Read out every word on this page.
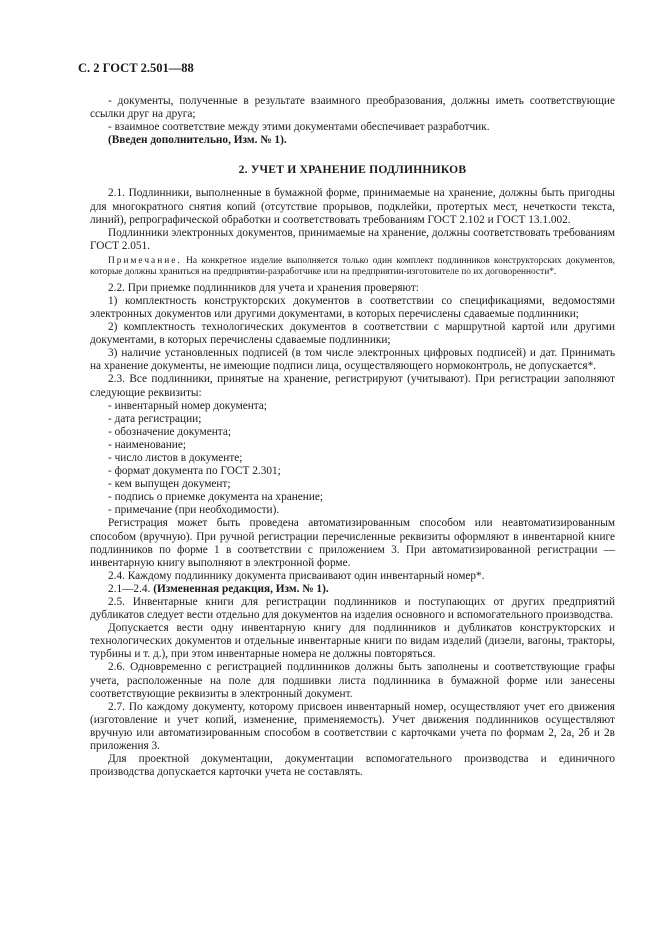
С. 2 ГОСТ 2.501—88

- документы, полученные в результате взаимного преобразования, должны иметь соответствующие ссылки друг на друга;

- взаимное соответствие между этими документами обеспечивает разработчик.

(Введен дополнительно, Изм. № 1).

2. УЧЕТ И ХРАНЕНИЕ ПОДЛИННИКОВ

2.1. Подлинники, выполненные в бумажной форме, принимаемые на хранение, должны быть пригодны для многократного снятия копий (отсутствие прорывов, подклейки, протертых мест, нечеткости текста, линий), репрографической обработки и соответствовать требованиям ГОСТ 2.102 и ГОСТ 13.1.002.

Подлинники электронных документов, принимаемые на хранение, должны соответствовать требованиям ГОСТ 2.051.

Примечание. На конкретное изделие выполняется только один комплект подлинников конструкторских документов, которые должны храниться на предприятии-разработчике или на предприятии-изготовителе по их договоренности*.

2.2. При приемке подлинников для учета и хранения проверяют:

1) комплектность конструкторских документов в соответствии со спецификациями, ведомостями электронных документов или другими документами, в которых перечислены сдаваемые подлинники;

2) комплектность технологических документов в соответствии с маршрутной картой или другими документами, в которых перечислены сдаваемые подлинники;

3) наличие установленных подписей (в том числе электронных цифровых подписей) и дат. Принимать на хранение документы, не имеющие подписи лица, осуществляющего нормоконтроль, не допускается*.

2.3. Все подлинники, принятые на хранение, регистрируют (учитывают). При регистрации заполняют следующие реквизиты:

- инвентарный номер документа;

- дата регистрации;

- обозначение документа;

- наименование;

- число листов в документе;

- формат документа по ГОСТ 2.301;

- кем выпущен документ;

- подпись о приемке документа на хранение;

- примечание (при необходимости).

Регистрация может быть проведена автоматизированным способом или неавтоматизированным способом (вручную). При ручной регистрации перечисленные реквизиты оформляют в инвентарной книге подлинников по форме 1 в соответствии с приложением 3. При автоматизированной регистрации — инвентарную книгу выполняют в электронной форме.

2.4. Каждому подлиннику документа присваивают один инвентарный номер*.

2.1—2.4. (Измененная редакция, Изм. № 1).

2.5. Инвентарные книги для регистрации подлинников и поступающих от других предприятий дубликатов следует вести отдельно для документов на изделия основного и вспомогательного производства.

Допускается вести одну инвентарную книгу для подлинников и дубликатов конструкторских и технологических документов и отдельные инвентарные книги по видам изделий (дизели, вагоны, тракторы, турбины и т. д.), при этом инвентарные номера не должны повторяться.

2.6. Одновременно с регистрацией подлинников должны быть заполнены и соответствующие графы учета, расположенные на поле для подшивки листа подлинника в бумажной форме или занесены соответствующие реквизиты в электронный документ.

2.7. По каждому документу, которому присвоен инвентарный номер, осуществляют учет его движения (изготовление и учет копий, изменение, применяемость). Учет движения подлинников осуществляют вручную или автоматизированным способом в соответствии с карточками учета по формам 2, 2а, 2б и 2в приложения 3.

Для проектной документации, документации вспомогательного производства и единичного производства допускается карточки учета не составлять.
